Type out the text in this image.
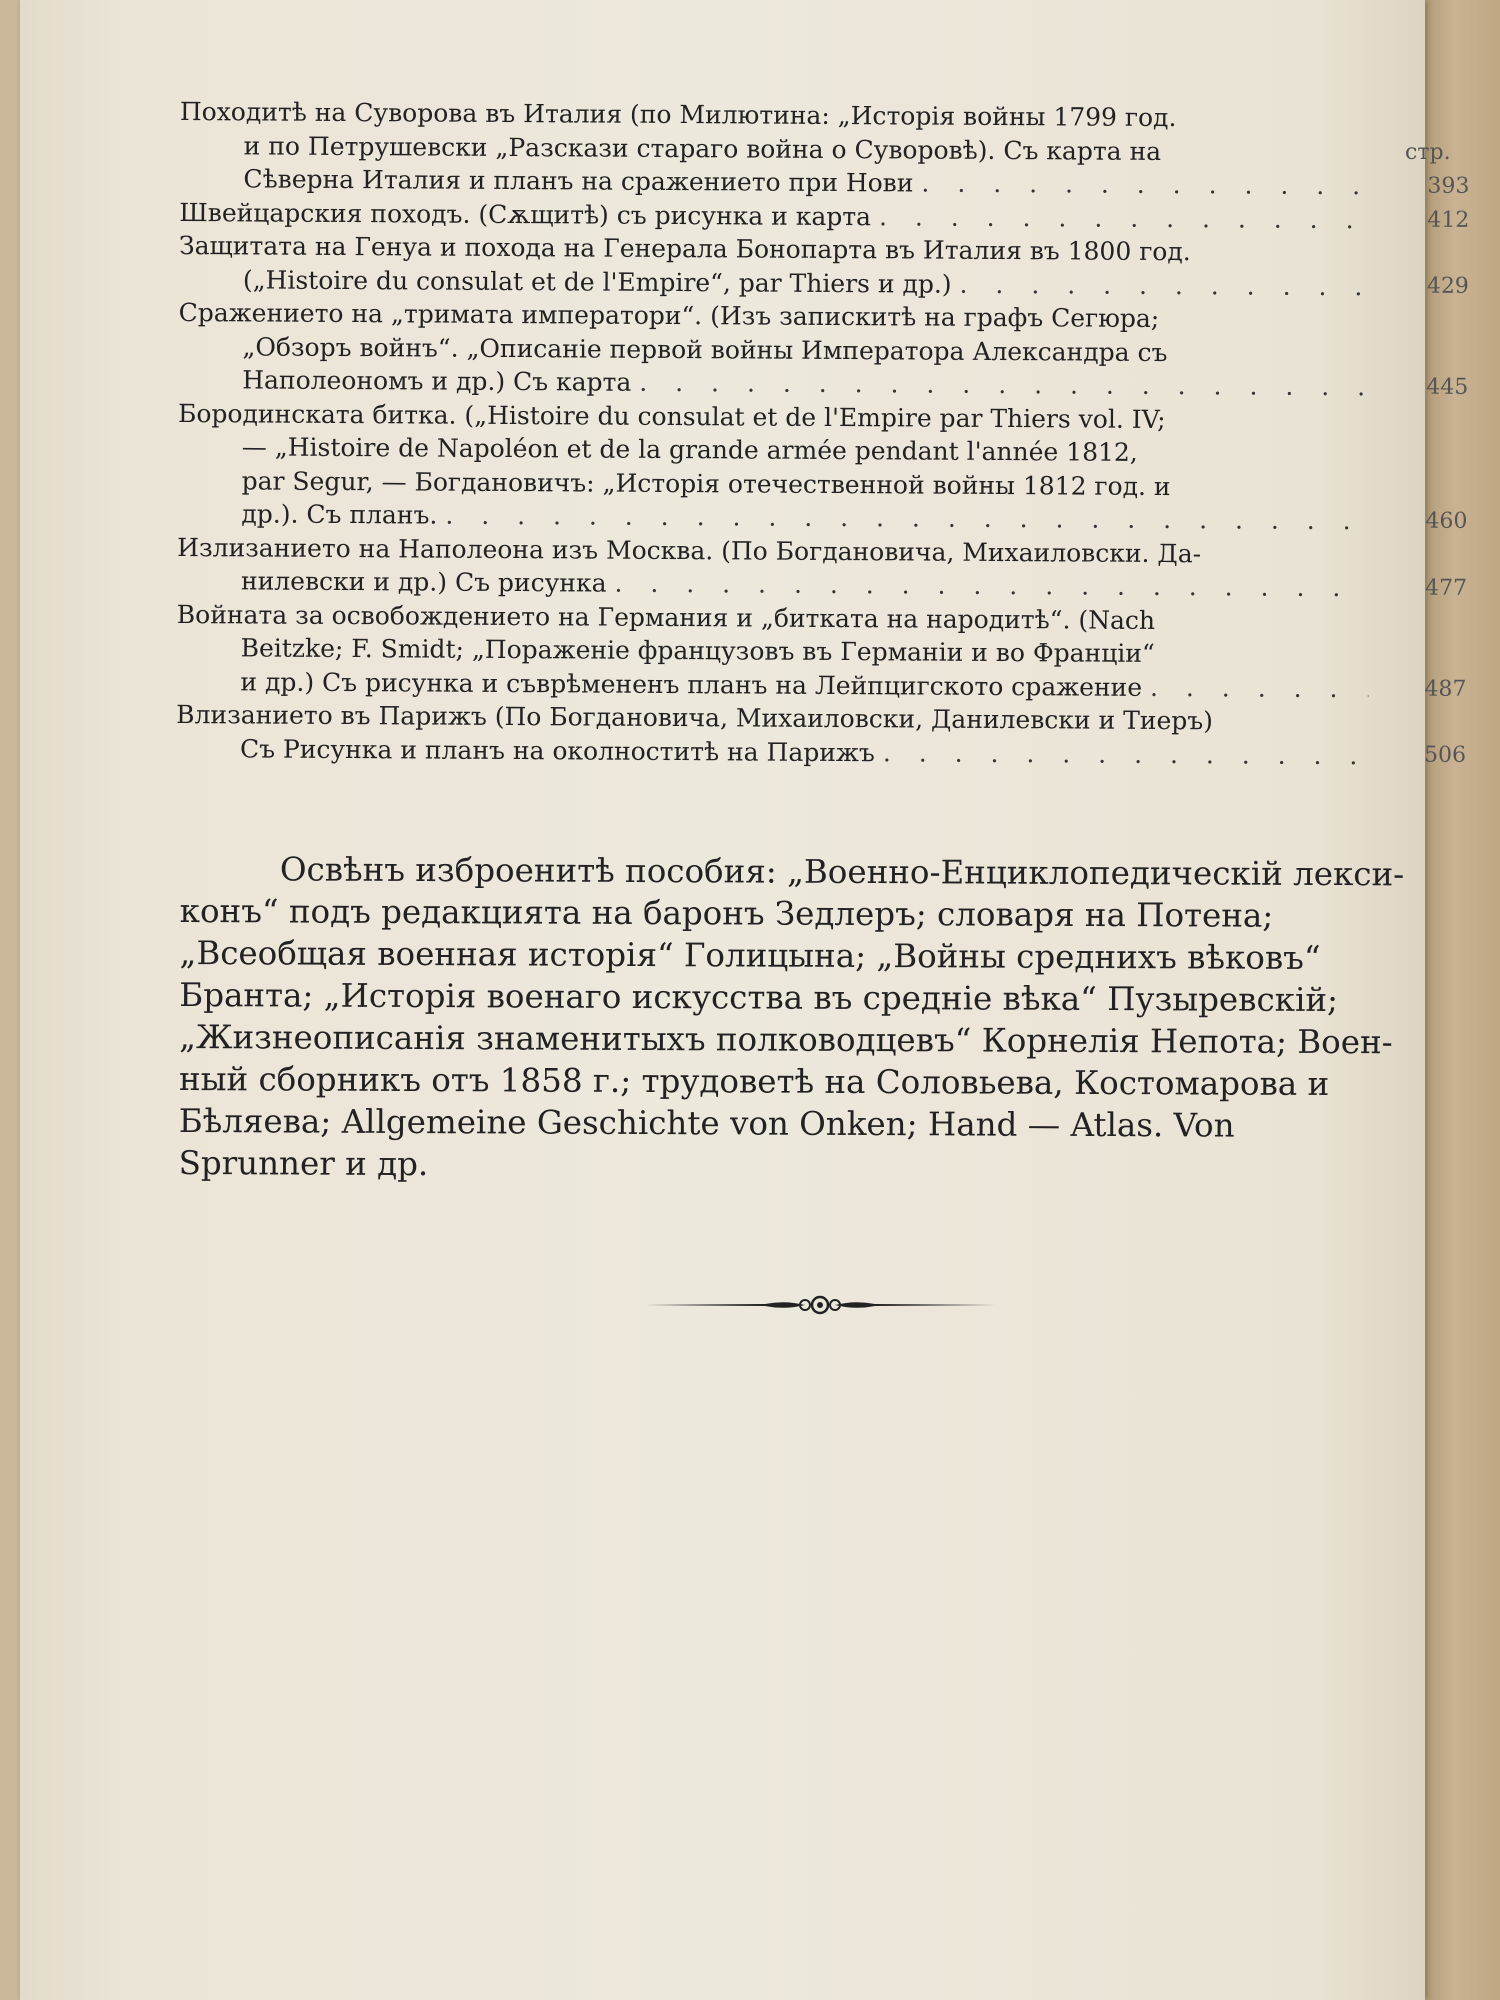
Походитѣ на Суворова въ Италия (по Милютина: „Исторiя войны 1799 год.
и по Петрушевски „Разскази стараго война о Суворовѣ). Съ карта на
Сѣверна Италия и планъ на сражението при Нови . . .	393
Швейцарския походъ. (Сѫщитѣ) съ рисунка и карта . . .	412
Защитата на Генуа и похода на Генерала Бонопарта въ Италия въ 1800 год.
(„Histoire du consulat et de l'Empire“, par Thiers и др.) . . .	429
Сражението на „тримата императори“. (Изъ запискитѣ на графъ Сегюра;
„Обзоръ войнъ“. „Описанiе первой войны Императора Александра съ
Наполеономъ и др.) Съ карта . . .	445
Бородинската битка. („Histoire du consulat et de l'Empire par Thiers vol. IV;
— „Histoire de Napoléon et de la grande armée pendant l'année 1812,
par Segur, — Богдановичъ: „Исторiя отечественной войны 1812 год. и
др.). Съ планъ. . . .	460
Излизанието на Наполеона изъ Москва. (По Богдановича, Михаиловски. Да-
нилевски и др.) Съ рисунка . . .	477
Войната за освобождението на Германия и „битката на народитѣ“. (Nach
Beitzke; F. Smidt; „Пораженiе французовъ въ Германiи и во Францiи“
и др.) Съ рисунка и съврѣмененъ планъ на Лейпцигското сражение . . .	487
Влизанието въ Парижъ (По Богдановича, Михаиловски, Данилевски и Тиеръ)
Съ Рисунка и планъ на околноститѣ на Парижъ . . .	506
стр.
Освѣнъ изброенитѣ пособия: „Военно-Енциклопедическiй лекси-
конъ“ подъ редакцията на баронъ Зедлеръ; словаря на Потена;
„Всеобщая военная исторiя“ Голицына; „Войны среднихъ вѣковъ“
Бранта; „Исторiя военаго искусства въ среднiе вѣка“ Пузыревскiй;
„Жизнеописанiя знаменитыхъ полководцевъ“ Корнелiя Непота; Воен-
ный сборникъ отъ 1858 г.; трудоветѣ на Соловьева, Костомарова и
Бѣляева; Allgemeine Geschichte von Onken; Hand — Atlas. Von
Sprunner и др.
